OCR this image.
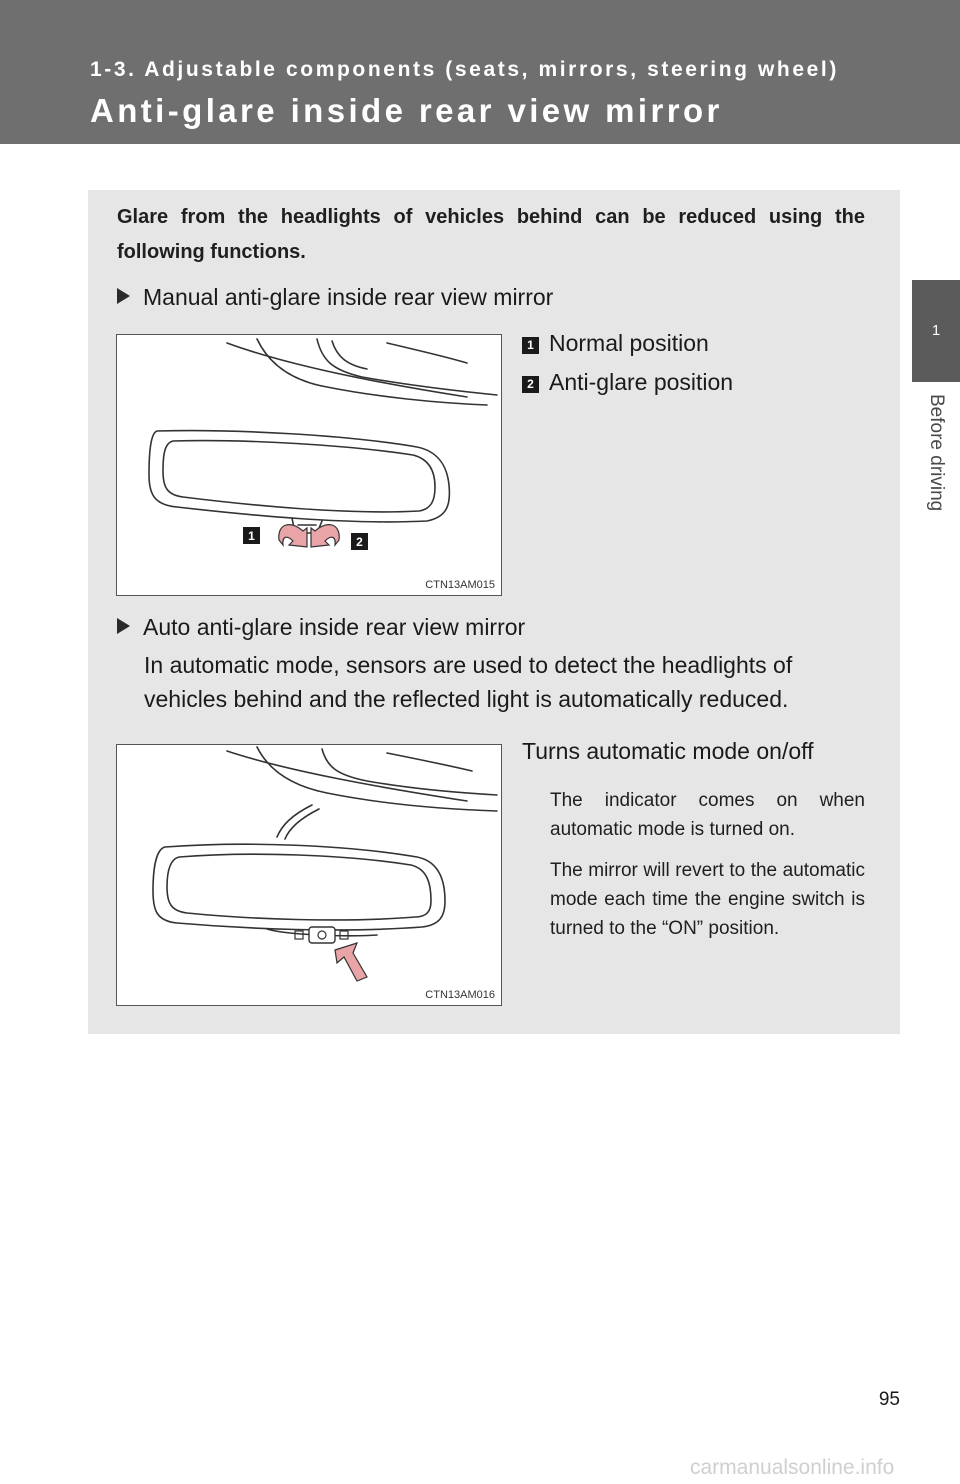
1-3. Adjustable components (seats, mirrors, steering wheel)
Anti-glare inside rear view mirror
1
Before driving
Glare from the headlights of vehicles behind can be reduced using the following functions.
Manual anti-glare inside rear view mirror
1	2
CTN13AM015
1 Normal position
2 Anti-glare position
Auto anti-glare inside rear view mirror
In automatic mode, sensors are used to detect the headlights of vehicles behind and the reflected light is automatically reduced.
CTN13AM016
Turns automatic mode on/off
The indicator comes on when automatic mode is turned on.
The mirror will revert to the automatic mode each time the engine switch is turned to the “ON” position.
95
carmanualsonline.info
